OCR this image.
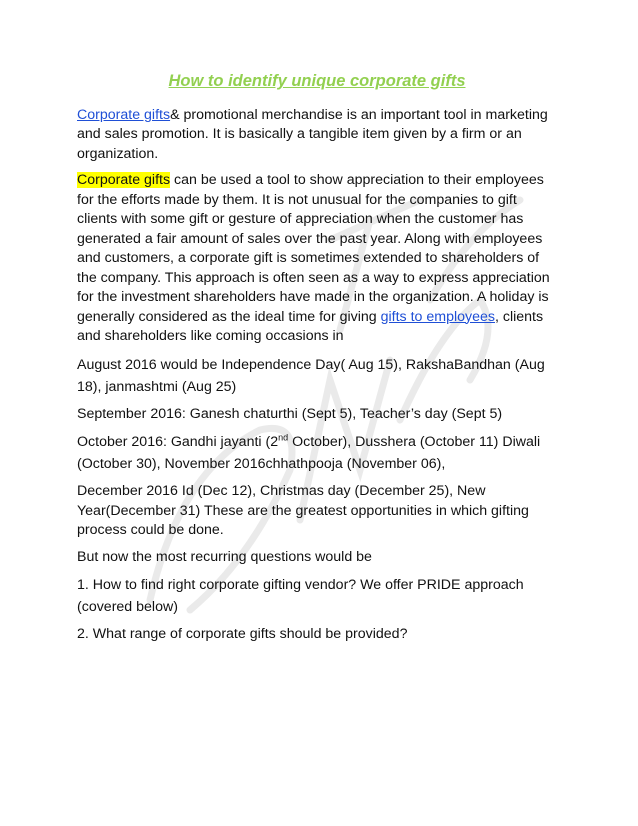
How to identify unique corporate gifts

Corporate gifts& promotional merchandise is an important tool in marketing and sales promotion. It is basically a tangible item given by a firm or an organization.

Corporate gifts can be used a tool to show appreciation to their employees for the efforts made by them. It is not unusual for the companies to gift clients with some gift or gesture of appreciation when the customer has generated a fair amount of sales over the past year. Along with employees and customers, a corporate gift is sometimes extended to shareholders of the company. This approach is often seen as a way to express appreciation for the investment shareholders have made in the organization. A holiday is generally considered as the ideal time for giving gifts to employees, clients and shareholders like coming occasions in

August 2016 would be Independence Day( Aug 15), RakshaBandhan (Aug 18), janmashtmi (Aug 25)

September 2016: Ganesh chaturthi (Sept 5), Teacher’s day (Sept 5)

October 2016: Gandhi jayanti (2nd October), Dusshera (October 11) Diwali (October 30), November 2016chhathpooja (November 06),

December 2016 Id (Dec 12), Christmas day (December 25), New Year(December 31) These are the greatest opportunities in which gifting process could be done.

But now the most recurring questions would be

1. How to find right corporate gifting vendor? We offer PRIDE approach (covered below)

2. What range of corporate gifts should be provided?
